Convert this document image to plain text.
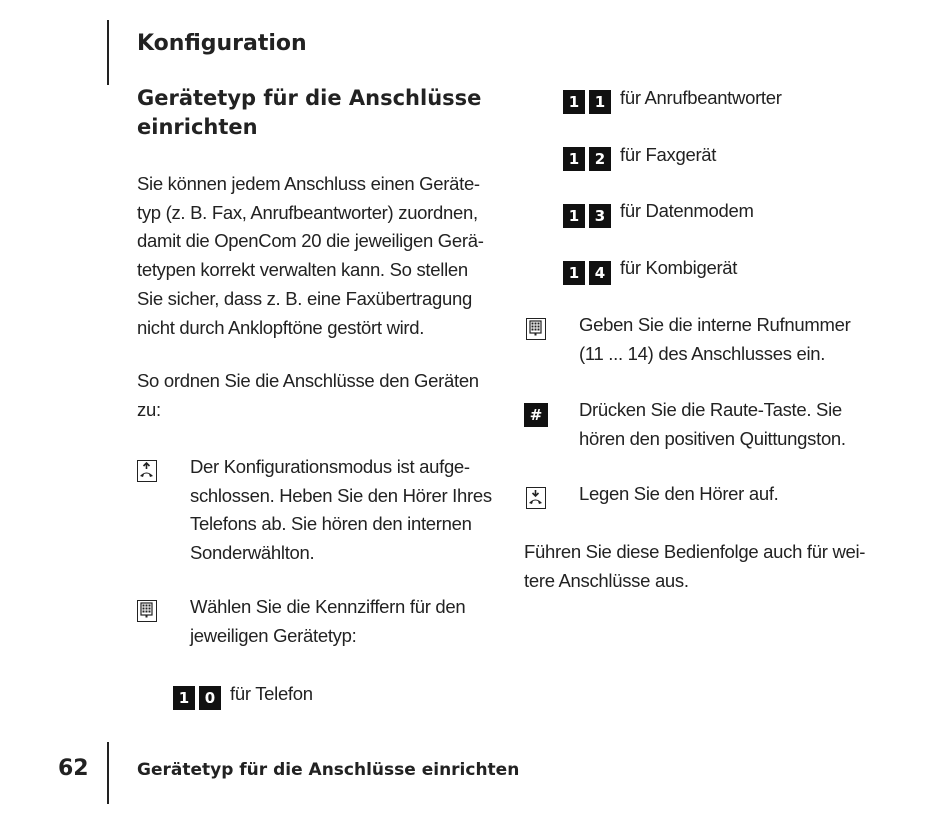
Konfiguration
Gerätetyp für die Anschlüsse
einrichten
Sie können jedem Anschluss einen Geräte-
typ (z. B. Fax, Anrufbeantworter) zuordnen,
damit die OpenCom 20 die jeweiligen Gerä-
tetypen korrekt verwalten kann. So stellen
Sie sicher, dass z. B. eine Faxübertragung
nicht durch Anklopftöne gestört wird.
So ordnen Sie die Anschlüsse den Geräten
zu:
Der Konfigurationsmodus ist aufge-
schlossen. Heben Sie den Hörer Ihres
Telefons ab. Sie hören den internen
Sonderwählton.
Wählen Sie die Kennziffern für den
jeweiligen Gerätetyp:
1	0 für Telefon
1	1 für Anrufbeantworter
1	2 für Faxgerät
1	3 für Datenmodem
1	4 für Kombigerät
Geben Sie die interne Rufnummer
(11 ... 14) des Anschlusses ein.
#	Drücken Sie die Raute-Taste. Sie
hören den positiven Quittungston.
Legen Sie den Hörer auf.
Führen Sie diese Bedienfolge auch für wei-
tere Anschlüsse aus.
62	Gerätetyp für die Anschlüsse einrichten
